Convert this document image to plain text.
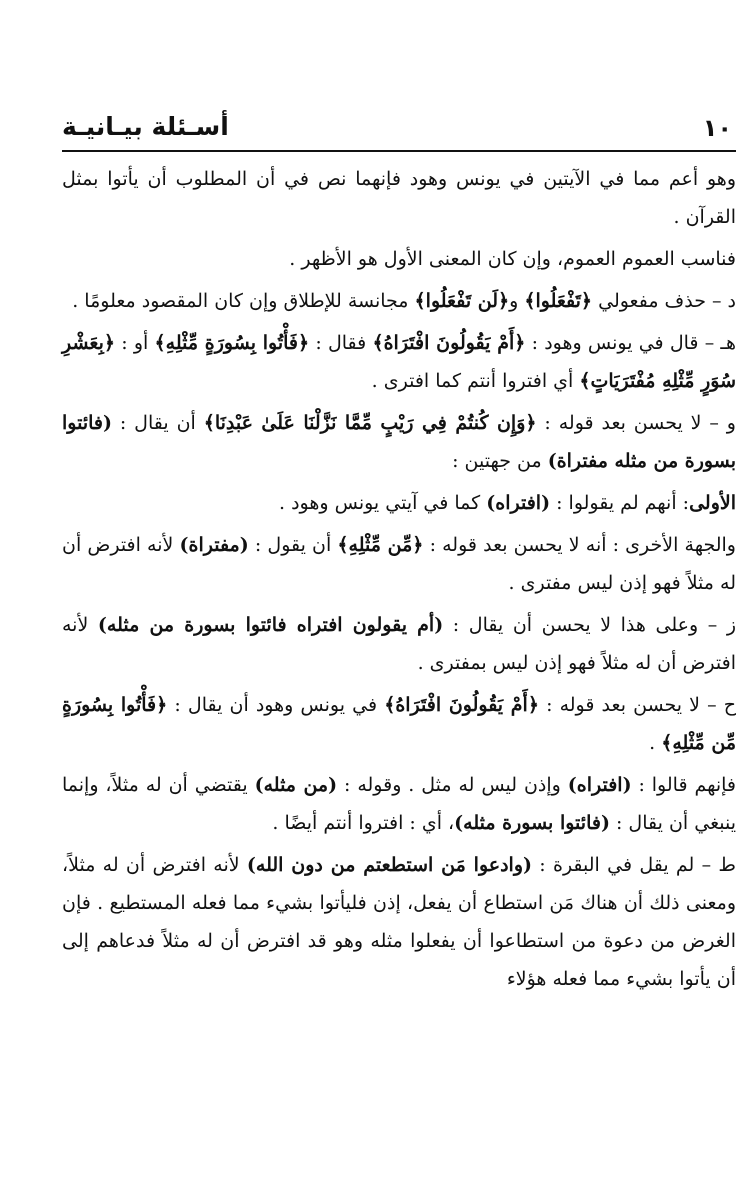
١٠
أسـئلة بيـانيـة

وهو أعم مما في الآيتين في يونس وهود فإنهما نص في أن المطلوب أن يأتوا بمثل القرآن .

فناسب العموم العموم، وإن كان المعنى الأول هو الأظهر .

د – حذف مفعولي ﴿تَفْعَلُوا﴾ و﴿لَن تَفْعَلُوا﴾ مجانسة للإطلاق وإن كان المقصود معلومًا .

هـ – قال في يونس وهود : ﴿أَمْ يَقُولُونَ افْتَرَاهُ﴾ فقال : ﴿فَأْتُوا بِسُورَةٍ مِّثْلِهِ﴾ أو : ﴿بِعَشْرِ سُوَرٍ مِّثْلِهِ مُفْتَرَيَاتٍ﴾ أي افتروا أنتم كما افترى .

و – لا يحسن بعد قوله : ﴿وَإِن كُنتُمْ فِي رَيْبٍ مِّمَّا نَزَّلْنَا عَلَىٰ عَبْدِنَا﴾ أن يقال : (فائتوا بسورة من مثله مفتراة) من جهتين :

الأولى: أنهم لم يقولوا : (افتراه) كما في آيتي يونس وهود .

والجهة الأخرى : أنه لا يحسن بعد قوله : ﴿مِّن مِّثْلِهِ﴾ أن يقول : (مفتراة) لأنه افترض أن له مثلاً فهو إذن ليس مفترى .

ز – وعلى هذا لا يحسن أن يقال : (أم يقولون افتراه فائتوا بسورة من مثله) لأنه افترض أن له مثلاً فهو إذن ليس بمفترى .

ح – لا يحسن بعد قوله : ﴿أَمْ يَقُولُونَ افْتَرَاهُ﴾ في يونس وهود أن يقال : ﴿فَأْتُوا بِسُورَةٍ مِّن مِّثْلِهِ﴾ .

فإنهم قالوا : (افتراه) وإذن ليس له مثل . وقوله : (من مثله) يقتضي أن له مثلاً، وإنما ينبغي أن يقال : (فائتوا بسورة مثله)، أي : افتروا أنتم أيضًا .

ط – لم يقل في البقرة : (وادعوا مَن استطعتم من دون الله) لأنه افترض أن له مثلاً، ومعنى ذلك أن هناك مَن استطاع أن يفعل، إذن فليأتوا بشيء مما فعله المستطيع . فإن الغرض من دعوة من استطاعوا أن يفعلوا مثله وهو قد افترض أن له مثلاً فدعاهم إلى أن يأتوا بشيء مما فعله هؤلاء
